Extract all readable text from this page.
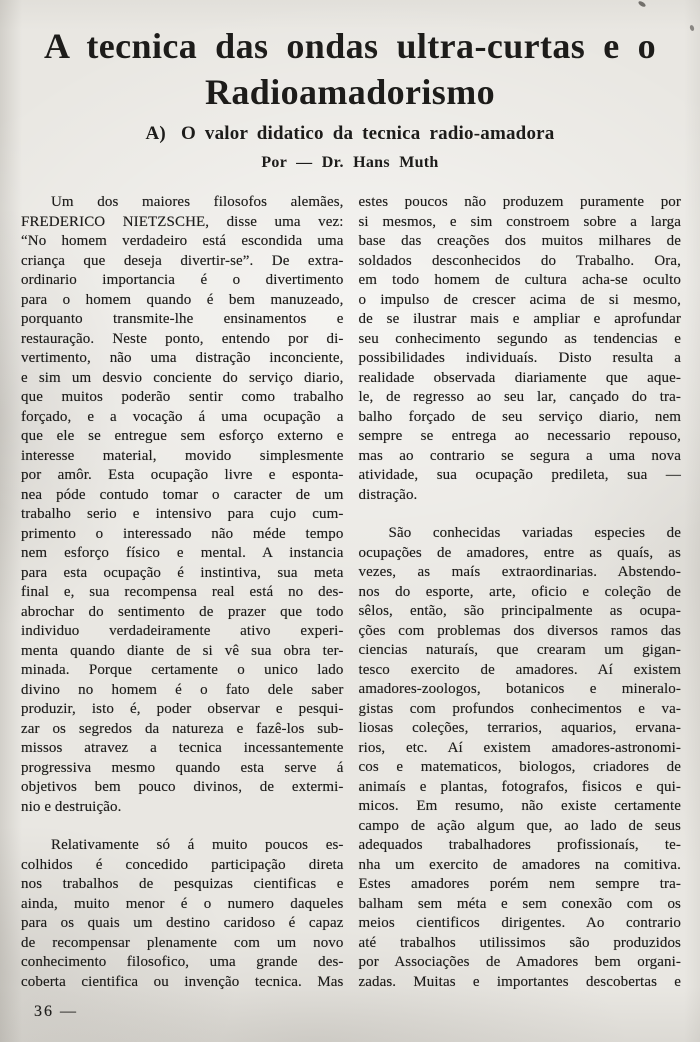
A tecnica das ondas ultra-curtas e o
Radioamadorismo
A) O valor didatico da tecnica radio-amadora
Por — Dr. Hans Muth
Um dos maiores filosofos alemães,
FREDERICO NIETZSCHE, disse uma vez:
“No homem verdadeiro está escondida uma
criança que deseja divertir-se”. De extra-
ordinario importancia é o divertimento
para o homem quando é bem manuzeado,
porquanto transmite-lhe ensinamentos e
restauração. Neste ponto, entendo por di-
vertimento, não uma distração inconciente,
e sim um desvio conciente do serviço diario,
que muitos poderão sentir como trabalho
forçado, e a vocação á uma ocupação a
que ele se entregue sem esforço externo e
interesse material, movido simplesmente
por amôr. Esta ocupação livre e esponta-
nea póde contudo tomar o caracter de um
trabalho serio e intensivo para cujo cum-
primento o interessado não méde tempo
nem esforço físico e mental. A instancia
para esta ocupação é instintiva, sua meta
final e, sua recompensa real está no des-
abrochar do sentimento de prazer que todo
individuo verdadeiramente ativo experi-
menta quando diante de si vê sua obra ter-
minada. Porque certamente o unico lado
divino no homem é o fato dele saber
produzir, isto é, poder observar e pesqui-
zar os segredos da natureza e fazê-los sub-
missos atravez a tecnica incessantemente
progressiva mesmo quando esta serve á
objetivos bem pouco divinos, de extermi-
nio e destruição.
Relativamente só á muito poucos es-
colhidos é concedido participação direta
nos trabalhos de pesquizas cientificas e
ainda, muito menor é o numero daqueles
para os quais um destino caridoso é capaz
de recompensar plenamente com um novo
conhecimento filosofico, uma grande des-
coberta cientifica ou invenção tecnica. Mas
estes poucos não produzem puramente por
si mesmos, e sim constroem sobre a larga
base das creações dos muitos milhares de
soldados desconhecidos do Trabalho. Ora,
em todo homem de cultura acha-se oculto
o impulso de crescer acima de si mesmo,
de se ilustrar mais e ampliar e aprofundar
seu conhecimento segundo as tendencias e
possibilidades individuaís. Disto resulta a
realidade observada diariamente que aque-
le, de regresso ao seu lar, cançado do tra-
balho forçado de seu serviço diario, nem
sempre se entrega ao necessario repouso,
mas ao contrario se segura a uma nova
atividade, sua ocupação predileta, sua —
distração.
São conhecidas variadas especies de
ocupações de amadores, entre as quaís, as
vezes, as maís extraordinarias. Abstendo-
nos do esporte, arte, oficio e coleção de
sêlos, então, são principalmente as ocupa-
ções com problemas dos diversos ramos das
ciencias naturaís, que crearam um gigan-
tesco exercito de amadores. Aí existem
amadores-zoologos, botanicos e mineralo-
gistas com profundos conhecimentos e va-
liosas coleções, terrarios, aquarios, ervana-
rios, etc. Aí existem amadores-astronomi-
cos e matematicos, biologos, criadores de
animaís e plantas, fotografos, fisicos e qui-
micos. Em resumo, não existe certamente
campo de ação algum que, ao lado de seus
adequados trabalhadores profissionaís, te-
nha um exercito de amadores na comitiva.
Estes amadores porém nem sempre tra-
balham sem méta e sem conexão com os
meios cientificos dirigentes. Ao contrario
até trabalhos utilissimos são produzidos
por Associações de Amadores bem organi-
zadas. Muitas e importantes descobertas e
36 —
